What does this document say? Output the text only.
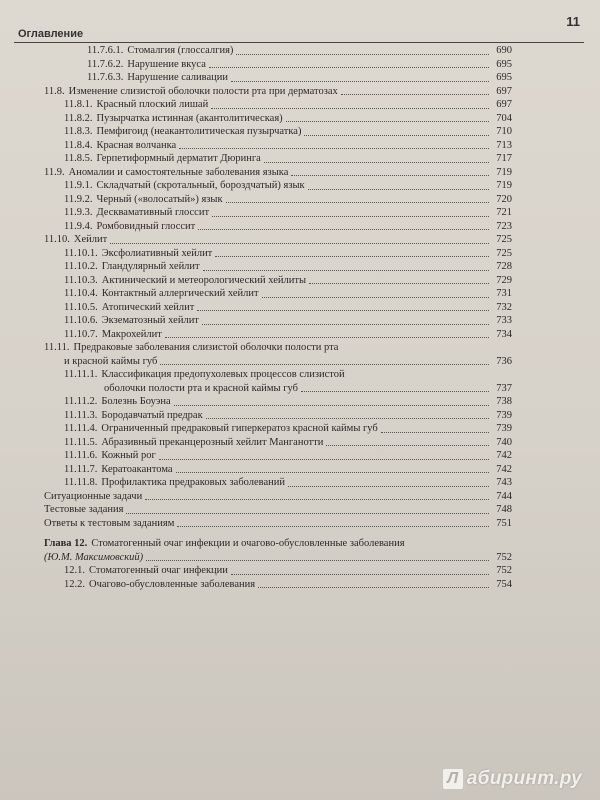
Оглавление
11
11.7.6.1. Стомалгия (глоссалгия)	690
11.7.6.2. Нарушение вкуса	695
11.7.6.3. Нарушение саливации	695
11.8. Изменение слизистой оболочки полости рта при дерматозах	697
11.8.1. Красный плоский лишай	697
11.8.2. Пузырчатка истинная (акантолитическая)	704
11.8.3. Пемфигоид (неакантолитическая пузырчатка)	710
11.8.4. Красная волчанка	713
11.8.5. Герпетиформный дерматит Дюринга	717
11.9. Аномалии и самостоятельные заболевания языка	719
11.9.1. Складчатый (скротальный, бороздчатый) язык	719
11.9.2. Черный («волосатый») язык	720
11.9.3. Десквамативный глоссит	721
11.9.4. Ромбовидный глоссит	723
11.10. Хейлит	725
11.10.1. Эксфолиативный хейлит	725
11.10.2. Гландулярный хейлит	728
11.10.3. Актинический и метеорологический хейлиты	729
11.10.4. Контактный аллергический хейлит	731
11.10.5. Атопический хейлит	732
11.10.6. Экзематозный хейлит	733
11.10.7. Макрохейлит	734
11.11. Предраковые заболевания слизистой оболочки полости рта
и красной каймы губ	736
11.11.1. Классификация предопухолевых процессов слизистой
оболочки полости рта и красной каймы губ	737
11.11.2. Болезнь Боуэна	738
11.11.3. Бородавчатый предрак	739
11.11.4. Ограниченный предраковый гиперкератоз красной каймы губ	739
11.11.5. Абразивный преканцерозный хейлит Манганотти	740
11.11.6. Кожный рог	742
11.11.7. Кератоакантома	742
11.11.8. Профилактика предраковых заболеваний	743
Ситуационные задачи	744
Тестовые задания	748
Ответы к тестовым заданиям	751
Глава 12. Стоматогенный очаг инфекции и очагово-обусловленные заболевания
(Ю.М. Максимовский)	752
12.1. Стоматогенный очаг инфекции	752
12.2. Очагово-обусловленные заболевания	754
Л абиринт.ру
